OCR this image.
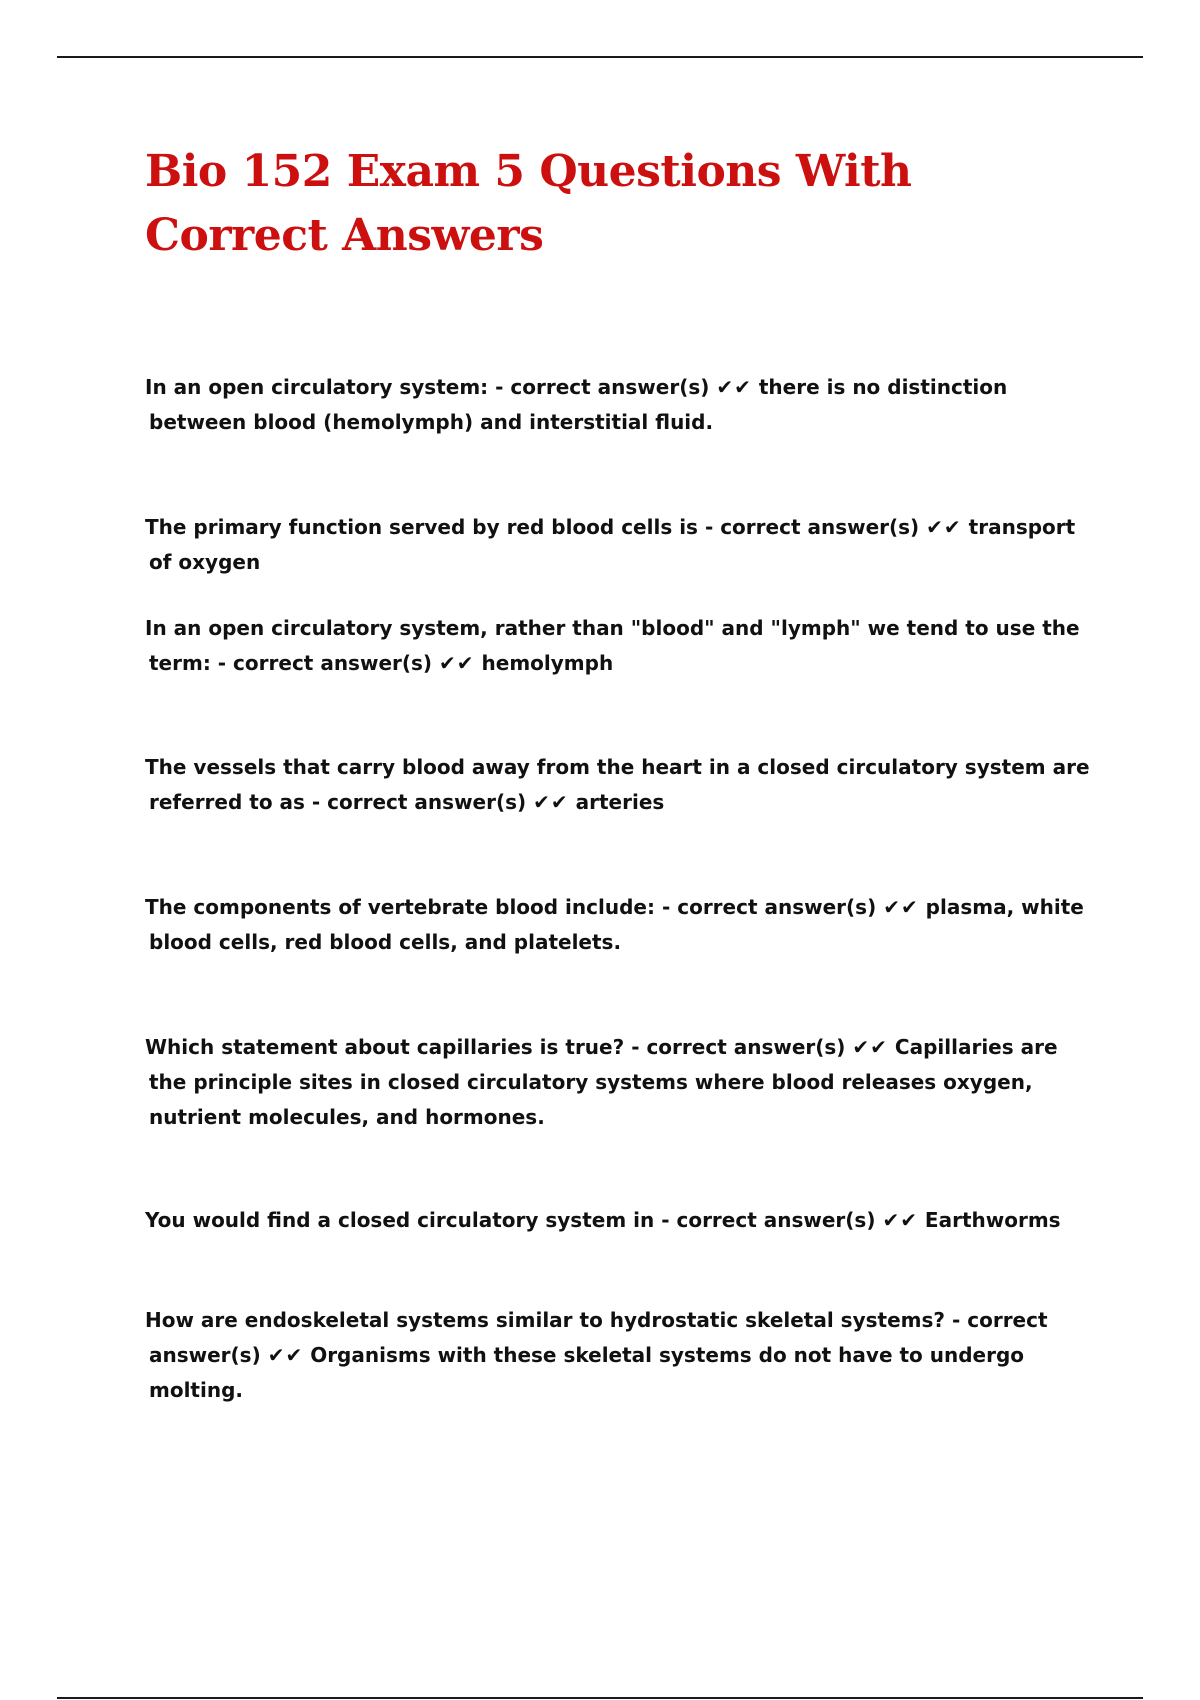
Bio 152 Exam 5 Questions With Correct Answers
In an open circulatory system: - correct answer(s) ✔✔ there is no distinction between blood (hemolymph) and interstitial fluid.
The primary function served by red blood cells is - correct answer(s) ✔✔ transport of oxygen
In an open circulatory system, rather than "blood" and "lymph" we tend to use the term: - correct answer(s) ✔✔ hemolymph
The vessels that carry blood away from the heart in a closed circulatory system are referred to as - correct answer(s) ✔✔ arteries
The components of vertebrate blood include: - correct answer(s) ✔✔ plasma, white blood cells, red blood cells, and platelets.
Which statement about capillaries is true? - correct answer(s) ✔✔ Capillaries are the principle sites in closed circulatory systems where blood releases oxygen, nutrient molecules, and hormones.
You would find a closed circulatory system in - correct answer(s) ✔✔ Earthworms
How are endoskeletal systems similar to hydrostatic skeletal systems? - correct answer(s) ✔✔ Organisms with these skeletal systems do not have to undergo molting.
